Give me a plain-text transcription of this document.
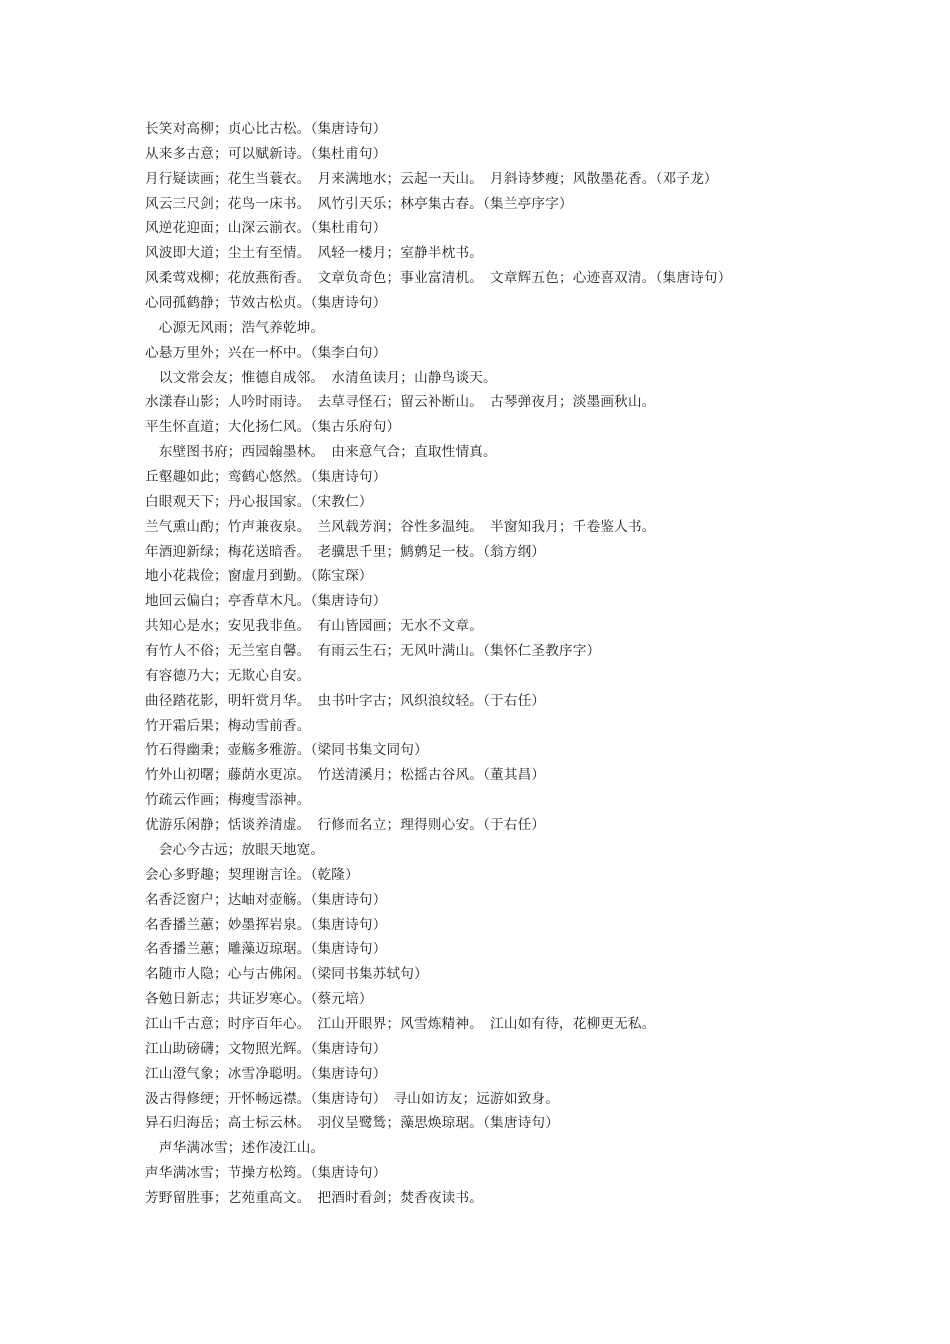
长笑对高柳；贞心比古松。（集唐诗句）
从来多古意；可以赋新诗。（集杜甫句）
月行疑读画；花生当蓑衣。　月来满地水；云起一天山。　月斜诗梦瘦；风散墨花香。（邓子龙）
风云三尺剑；花鸟一床书。　风竹引天乐；林亭集古春。（集兰亭序字）
风逆花迎面；山深云湔衣。（集杜甫句）
风波即大道；尘土有至情。　风轻一楼月；室静半枕书。
风柔莺戏柳；花放燕衔香。　文章负奇色；事业富清机。　文章辉五色；心迹喜双清。（集唐诗句）
心同孤鹤静；节效古松贞。（集唐诗句）
　心源无风雨；浩气养乾坤。
心悬万里外；兴在一杯中。（集李白句）
　以文常会友；惟德自成邻。　水清鱼读月；山静鸟谈天。
水漾春山影；人吟时雨诗。　去草寻怪石；留云补断山。　古琴弹夜月；淡墨画秋山。
平生怀直道；大化扬仁风。（集古乐府句）
　东壁图书府；西园翰墨林。　由来意气合；直取性情真。
丘壑趣如此；鸾鹤心悠然。（集唐诗句）
白眼观天下；丹心报国家。（宋教仁）
兰气熏山酌；竹声兼夜泉。　兰风载芳润；谷性多温纯。　半窗知我月；千卷鉴人书。
年酒迎新绿；梅花送暗香。　老骥思千里；鹪鹩足一枝。（翁方纲）
地小花栽俭；窗虚月到勤。（陈宝琛）
地回云偏白；亭香草木凡。（集唐诗句）
共知心是水；安见我非鱼。　有山皆园画；无水不文章。
有竹人不俗；无兰室自馨。　有雨云生石；无风叶满山。（集怀仁圣教序字）
有容德乃大；无欺心自安。
曲径踏花影，明轩赏月华。　虫书叶字古；风织浪纹轻。（于右任）
竹开霜后果；梅动雪前香。
竹石得幽秉；壶觞多雅游。（梁同书集文同句）
竹外山初曙；藤荫水更凉。　竹送清溪月；松摇古谷风。（董其昌）
竹疏云作画；梅瘦雪添神。
优游乐闲静；恬谈养清虚。　行修而名立；理得则心安。（于右任）
　会心今古远；放眼天地宽。
会心多野趣；契理谢言诠。（乾隆）
名香泛窗户；达岫对壶觞。（集唐诗句）
名香播兰蕙；妙墨挥岩泉。（集唐诗句）
名香播兰蕙；雕藻迈琼琚。（集唐诗句）
名随市人隐；心与古佛闲。（梁同书集苏轼句）
各勉日新志；共证岁寒心。（蔡元培）
江山千古意；时序百年心。　江山开眼界；风雪炼精神。　江山如有待，花柳更无私。
江山助磅礴；文物照光辉。（集唐诗句）
江山澄气象；冰雪净聪明。（集唐诗句）
汲古得修绠；开怀畅远襟。（集唐诗句）　寻山如访友；远游如致身。
异石归海岳；高士标云林。　羽仪呈鹭鸶；藻思焕琼琚。（集唐诗句）
　声华满冰雪；述作凌江山。
声华满冰雪；节操方松筠。（集唐诗句）
芳野留胜事；艺苑重高文。　把酒时看剑；焚香夜读书。
